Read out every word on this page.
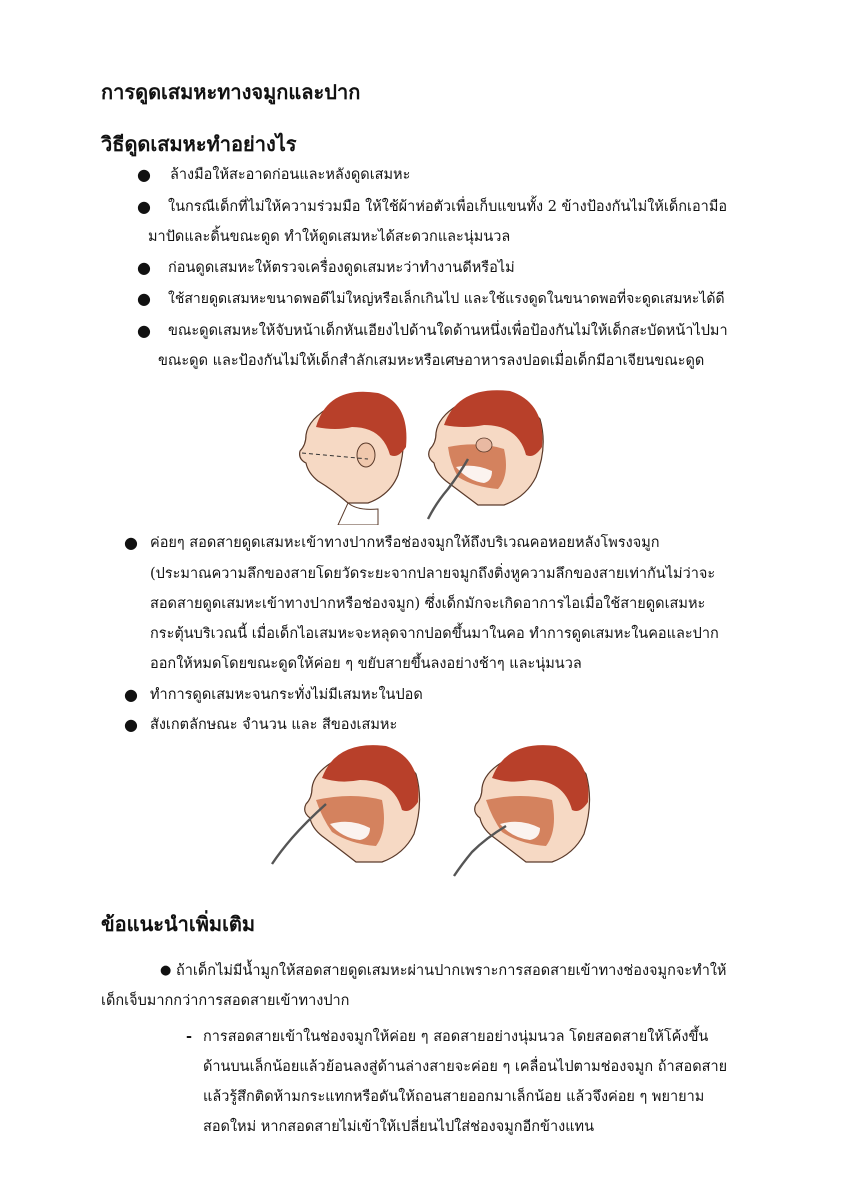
การดูดเสมหะทางจมูกและปาก
วิธีดูดเสมหะทำอย่างไร
● ล้างมือให้สะอาดก่อนและหลังดูดเสมหะ
● ในกรณีเด็กที่ไม่ให้ความร่วมมือ ให้ใช้ผ้าห่อตัวเพื่อเก็บแขนทั้ง 2 ข้างป้องกันไม่ให้เด็กเอามือ
มาปัดและดิ้นขณะดูด ทำให้ดูดเสมหะได้สะดวกและนุ่มนวล
● ก่อนดูดเสมหะให้ตรวจเครื่องดูดเสมหะว่าทำงานดีหรือไม่
● ใช้สายดูดเสมหะขนาดพอดีไม่ใหญ่หรือเล็กเกินไป และใช้แรงดูดในขนาดพอที่จะดูดเสมหะได้ดี
● ขณะดูดเสมหะให้จับหน้าเด็กหันเอียงไปด้านใดด้านหนึ่งเพื่อป้องกันไม่ให้เด็กสะบัดหน้าไปมา
ขณะดูด และป้องกันไม่ให้เด็กสำลักเสมหะหรือเศษอาหารลงปอดเมื่อเด็กมีอาเจียนขณะดูด
● ค่อยๆ สอดสายดูดเสมหะเข้าทางปากหรือช่องจมูกให้ถึงบริเวณคอหอยหลังโพรงจมูก
(ประมาณความลึกของสายโดยวัดระยะจากปลายจมูกถึงติ่งหูความลึกของสายเท่ากันไม่ว่าจะ
สอดสายดูดเสมหะเข้าทางปากหรือช่องจมูก) ซึ่งเด็กมักจะเกิดอาการไอเมื่อใช้สายดูดเสมหะ
กระตุ้นบริเวณนี้ เมื่อเด็กไอเสมหะจะหลุดจากปอดขึ้นมาในคอ ทำการดูดเสมหะในคอและปาก
ออกให้หมดโดยขณะดูดให้ค่อย ๆ ขยับสายขึ้นลงอย่างช้าๆ และนุ่มนวล
● ทำการดูดเสมหะจนกระทั่งไม่มีเสมหะในปอด
● สังเกตลักษณะ จำนวน และ สีของเสมหะ
ข้อแนะนำเพิ่มเติม
● ถ้าเด็กไม่มีน้ำมูกให้สอดสายดูดเสมหะผ่านปากเพราะการสอดสายเข้าทางช่องจมูกจะทำให้
เด็กเจ็บมากกว่าการสอดสายเข้าทางปาก
- การสอดสายเข้าในช่องจมูกให้ค่อย ๆ สอดสายอย่างนุ่มนวล โดยสอดสายให้โค้งขึ้น
ด้านบนเล็กน้อยแล้วย้อนลงสู่ด้านล่างสายจะค่อย ๆ เคลื่อนไปตามช่องจมูก ถ้าสอดสาย
แล้วรู้สึกติดห้ามกระแทกหรือดันให้ถอนสายออกมาเล็กน้อย แล้วจึงค่อย ๆ พยายาม
สอดใหม่ หากสอดสายไม่เข้าให้เปลี่ยนไปใส่ช่องจมูกอีกข้างแทน
